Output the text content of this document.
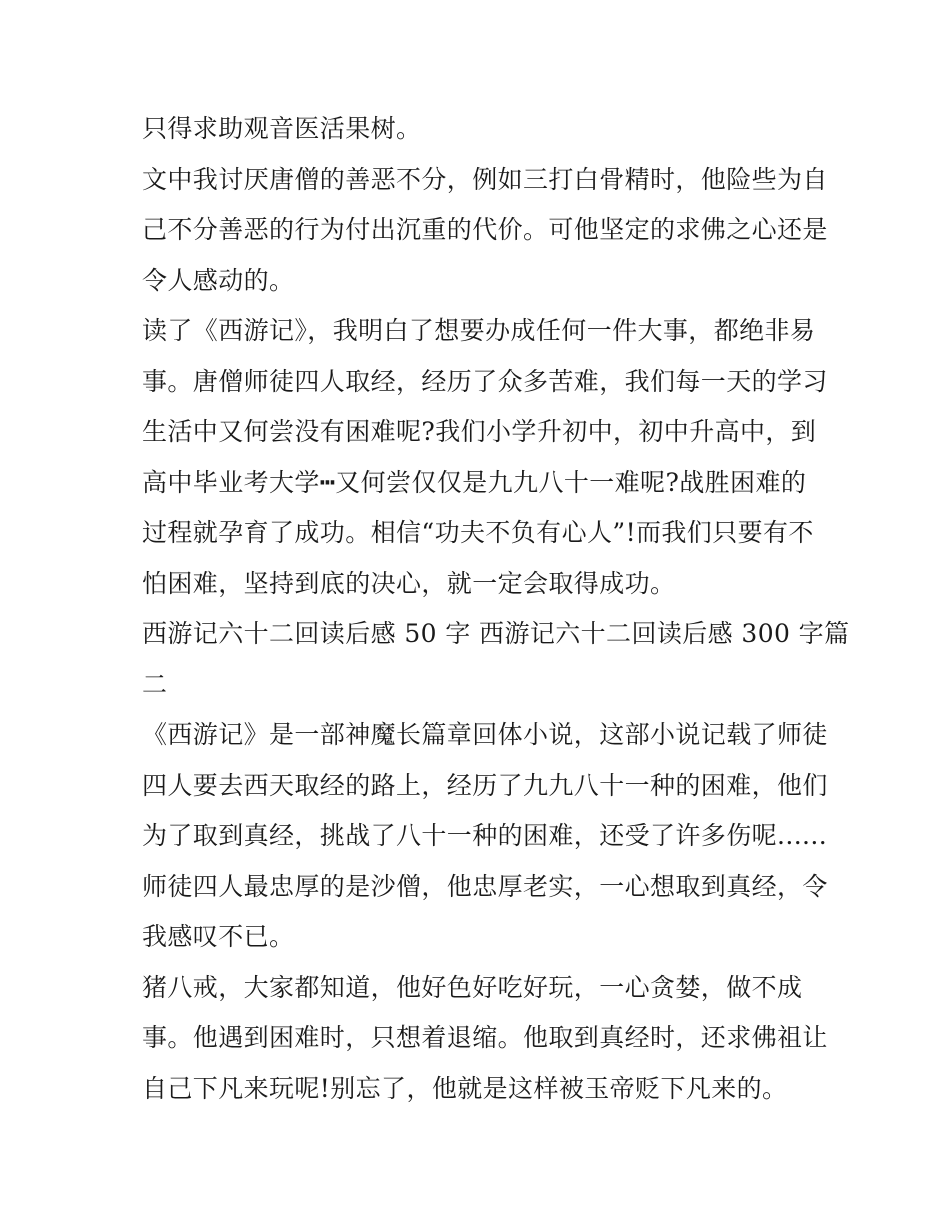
只得求助观音医活果树。
文中我讨厌唐僧的善恶不分，例如三打白骨精时，他险些为自
己不分善恶的行为付出沉重的代价。可他坚定的求佛之心还是
令人感动的。
读了《西游记》，我明白了想要办成任何一件大事，都绝非易
事。唐僧师徒四人取经，经历了众多苦难，我们每一天的学习
生活中又何尝没有困难呢?我们小学升初中，初中升高中，到
高中毕业考大学┅又何尝仅仅是九九八十一难呢?战胜困难的
过程就孕育了成功。相信“功夫不负有心人”!而我们只要有不
怕困难，坚持到底的决心，就一定会取得成功。
西游记六十二回读后感 50 字 西游记六十二回读后感 300 字篇
二
《西游记》是一部神魔长篇章回体小说，这部小说记载了师徒
四人要去西天取经的路上，经历了九九八十一种的困难，他们
为了取到真经，挑战了八十一种的困难，还受了许多伤呢......
师徒四人最忠厚的是沙僧，他忠厚老实，一心想取到真经，令
我感叹不已。
猪八戒，大家都知道，他好色好吃好玩，一心贪婪，做不成
事。他遇到困难时，只想着退缩。他取到真经时，还求佛祖让
自己下凡来玩呢!别忘了，他就是这样被玉帝贬下凡来的。
